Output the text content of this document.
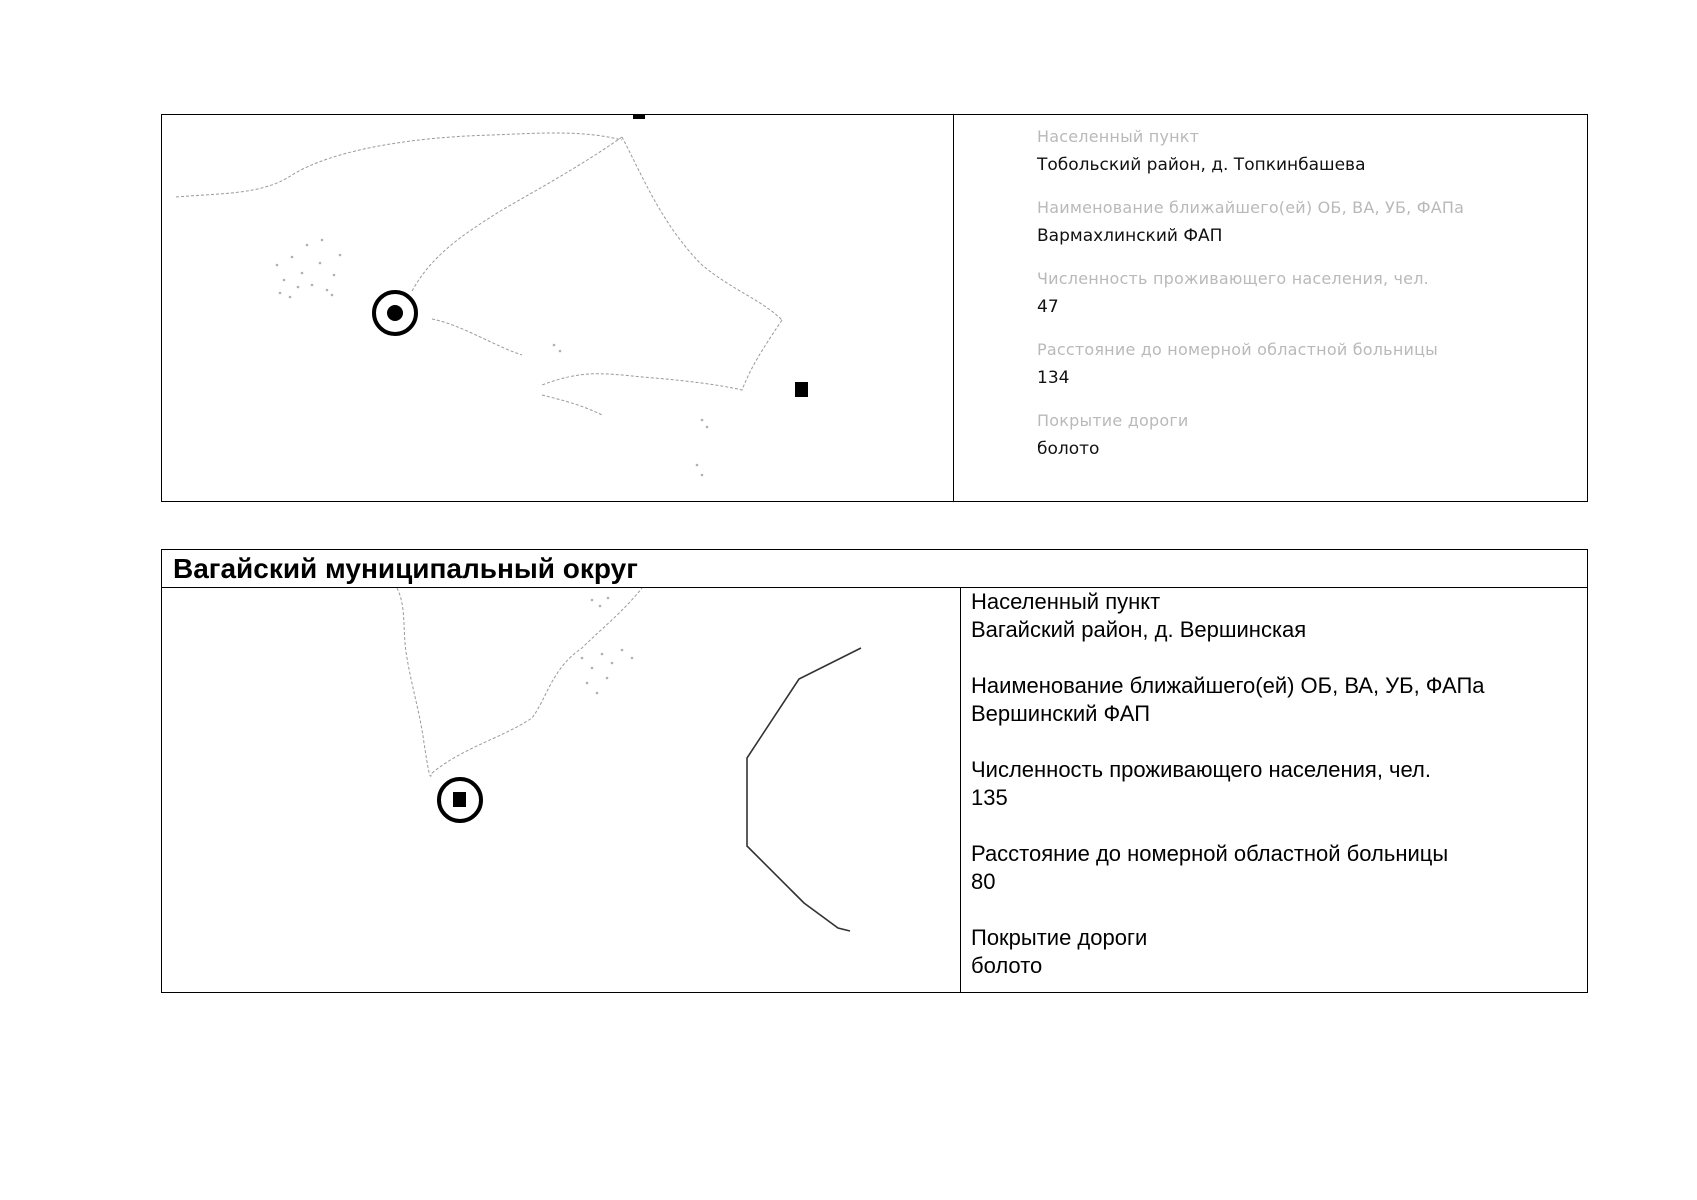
Населенный пункт
Тобольский район, д. Топкинбашева
Наименование ближайшего(ей) ОБ, ВА, УБ, ФАПа
Вармахлинский ФАП
Численность проживающего населения, чел.
47
Расстояние до номерной областной больницы
134
Покрытие дороги
болото
Вагайский муниципальный округ
Населенный пункт
Вагайский район, д. Вершинская
Наименование ближайшего(ей) ОБ, ВА, УБ, ФАПа
Вершинский ФАП
Численность проживающего населения, чел.
135
Расстояние до номерной областной больницы
80
Покрытие дороги
болото
